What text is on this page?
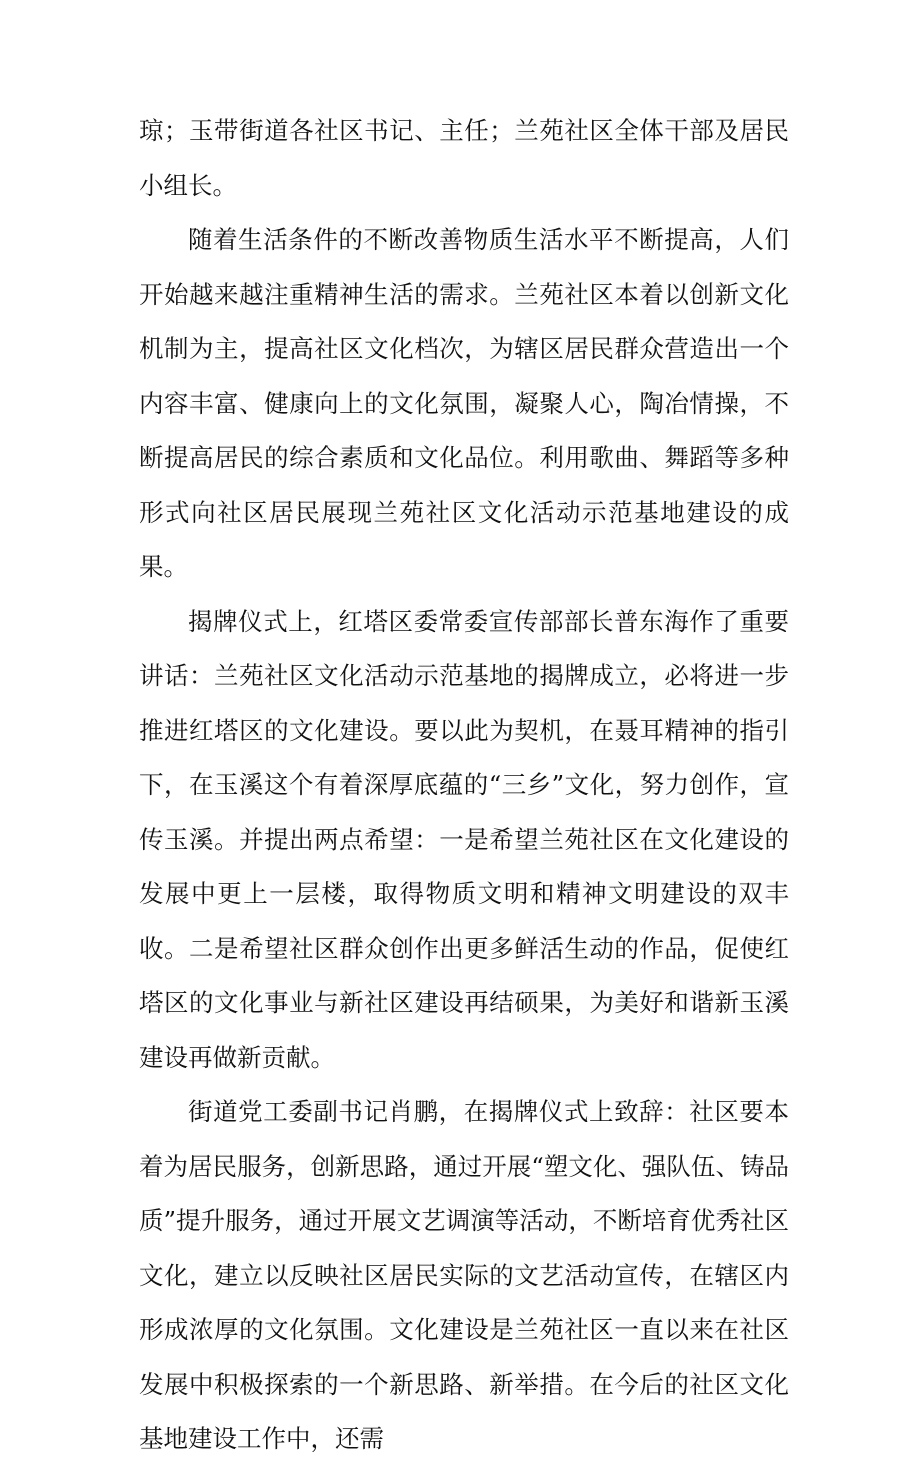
琼；玉带街道各社区书记、主任；兰苑社区全体干部及居民小组长。

随着生活条件的不断改善物质生活水平不断提高，人们开始越来越注重精神生活的需求。兰苑社区本着以创新文化机制为主，提高社区文化档次，为辖区居民群众营造出一个内容丰富、健康向上的文化氛围，凝聚人心，陶冶情操，不断提高居民的综合素质和文化品位。利用歌曲、舞蹈等多种形式向社区居民展现兰苑社区文化活动示范基地建设的成果。

揭牌仪式上，红塔区委常委宣传部部长普东海作了重要讲话：兰苑社区文化活动示范基地的揭牌成立，必将进一步推进红塔区的文化建设。要以此为契机，在聂耳精神的指引下，在玉溪这个有着深厚底蕴的“三乡”文化，努力创作，宣传玉溪。并提出两点希望：一是希望兰苑社区在文化建设的发展中更上一层楼，取得物质文明和精神文明建设的双丰收。二是希望社区群众创作出更多鲜活生动的作品，促使红塔区的文化事业与新社区建设再结硕果，为美好和谐新玉溪建设再做新贡献。

街道党工委副书记肖鹏，在揭牌仪式上致辞：社区要本着为居民服务，创新思路，通过开展“塑文化、强队伍、铸品质”提升服务，通过开展文艺调演等活动，不断培育优秀社区文化，建立以反映社区居民实际的文艺活动宣传，在辖区内形成浓厚的文化氛围。文化建设是兰苑社区一直以来在社区发展中积极探索的一个新思路、新举措。在今后的社区文化基地建设工作中，还需
